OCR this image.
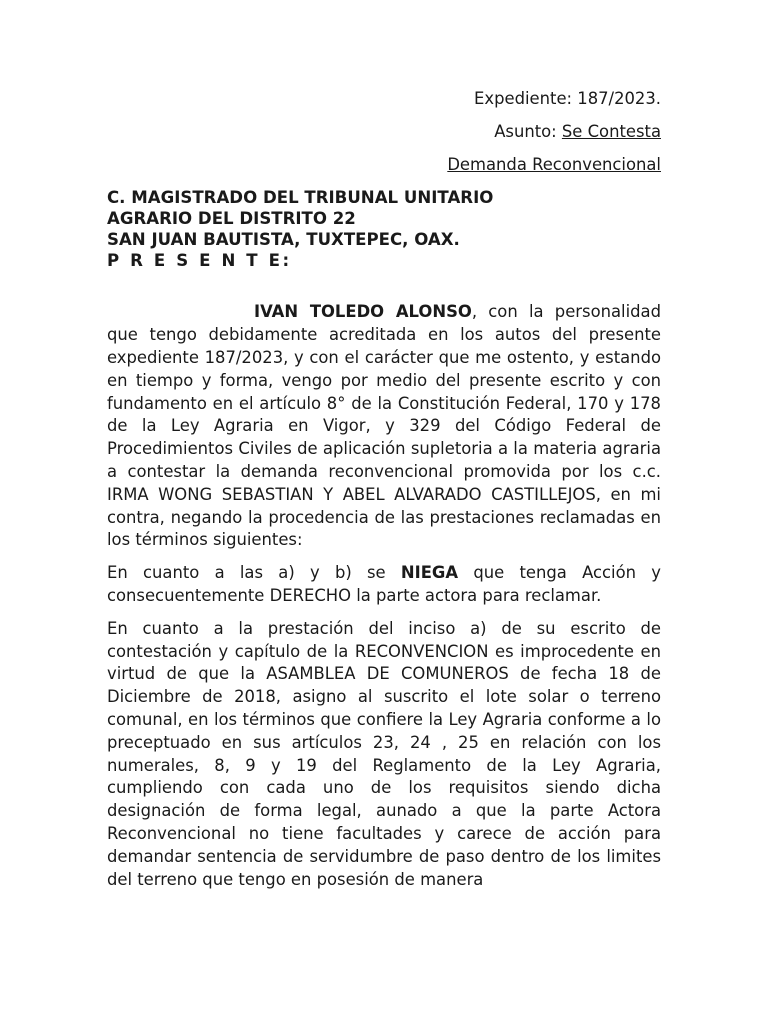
Expediente: 187/2023.
Asunto: Se Contesta
Demanda Reconvencional
C. MAGISTRADO DEL TRIBUNAL UNITARIO
AGRARIO DEL DISTRITO 22
SAN JUAN BAUTISTA, TUXTEPEC, OAX.
P R E S E N T E:

IVAN TOLEDO ALONSO, con la personalidad que tengo debidamente acreditada en los autos del presente expediente 187/2023, y con el carácter que me ostento, y estando en tiempo y forma, vengo por medio del presente escrito y con fundamento en el artículo 8° de la Constitución Federal, 170 y 178 de la Ley Agraria en Vigor, y 329 del Código Federal de Procedimientos Civiles de aplicación supletoria a la materia agraria a contestar la demanda reconvencional promovida por los c.c. IRMA WONG SEBASTIAN Y ABEL ALVARADO CASTILLEJOS, en mi contra, negando la procedencia de las prestaciones reclamadas en los términos siguientes:

En cuanto a las a) y b) se NIEGA que tenga Acción y consecuentemente DERECHO la parte actora para reclamar.

En cuanto a la prestación del inciso a) de su escrito de contestación y capítulo de la RECONVENCION es improcedente en virtud de que la ASAMBLEA DE COMUNEROS de fecha 18 de Diciembre de 2018, asigno al suscrito el lote solar o terreno comunal, en los términos que confiere la Ley Agraria conforme a lo preceptuado en sus artículos 23, 24 , 25 en relación con los numerales, 8, 9 y 19 del Reglamento de la Ley Agraria, cumpliendo con cada uno de los requisitos siendo dicha designación de forma legal, aunado a que la parte Actora Reconvencional no tiene facultades y carece de acción para demandar sentencia de servidumbre de paso dentro de los limites del terreno que tengo en posesión de manera
